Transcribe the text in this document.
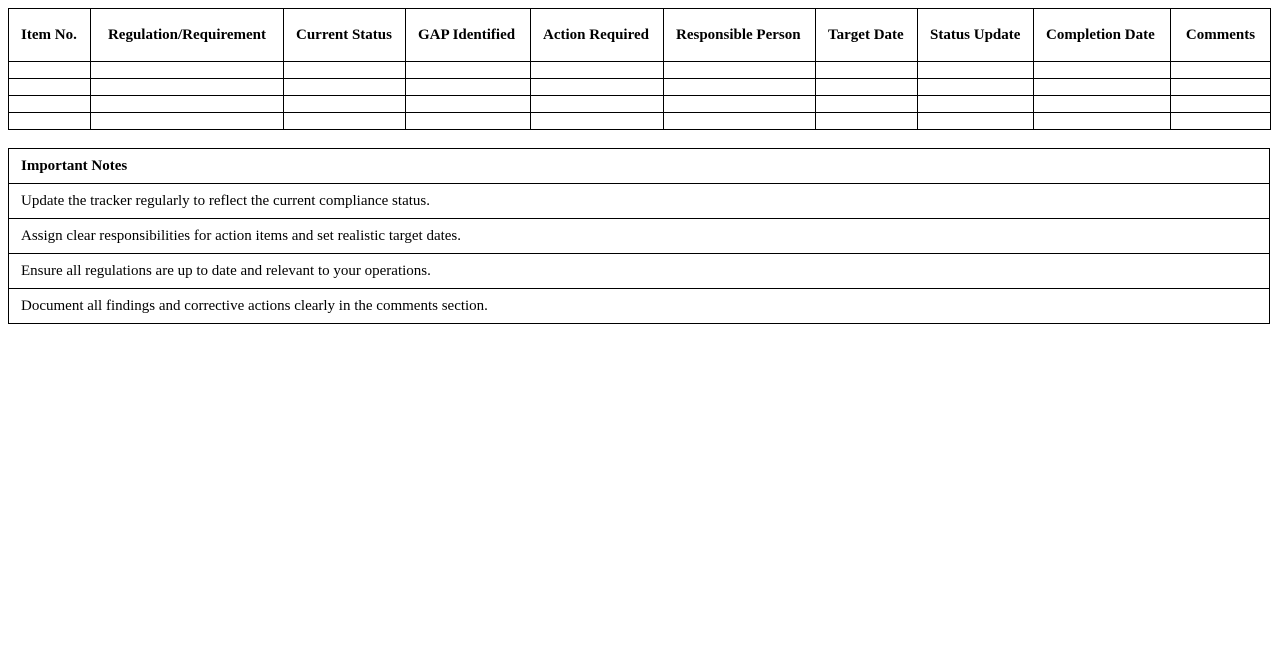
Item No.	Regulation/Requirement	Current Status	GAP Identified	Action Required	Responsible Person	Target Date	Status Update	Completion Date	Comments

Important Notes
Update the tracker regularly to reflect the current compliance status.
Assign clear responsibilities for action items and set realistic target dates.
Ensure all regulations are up to date and relevant to your operations.
Document all findings and corrective actions clearly in the comments section.
